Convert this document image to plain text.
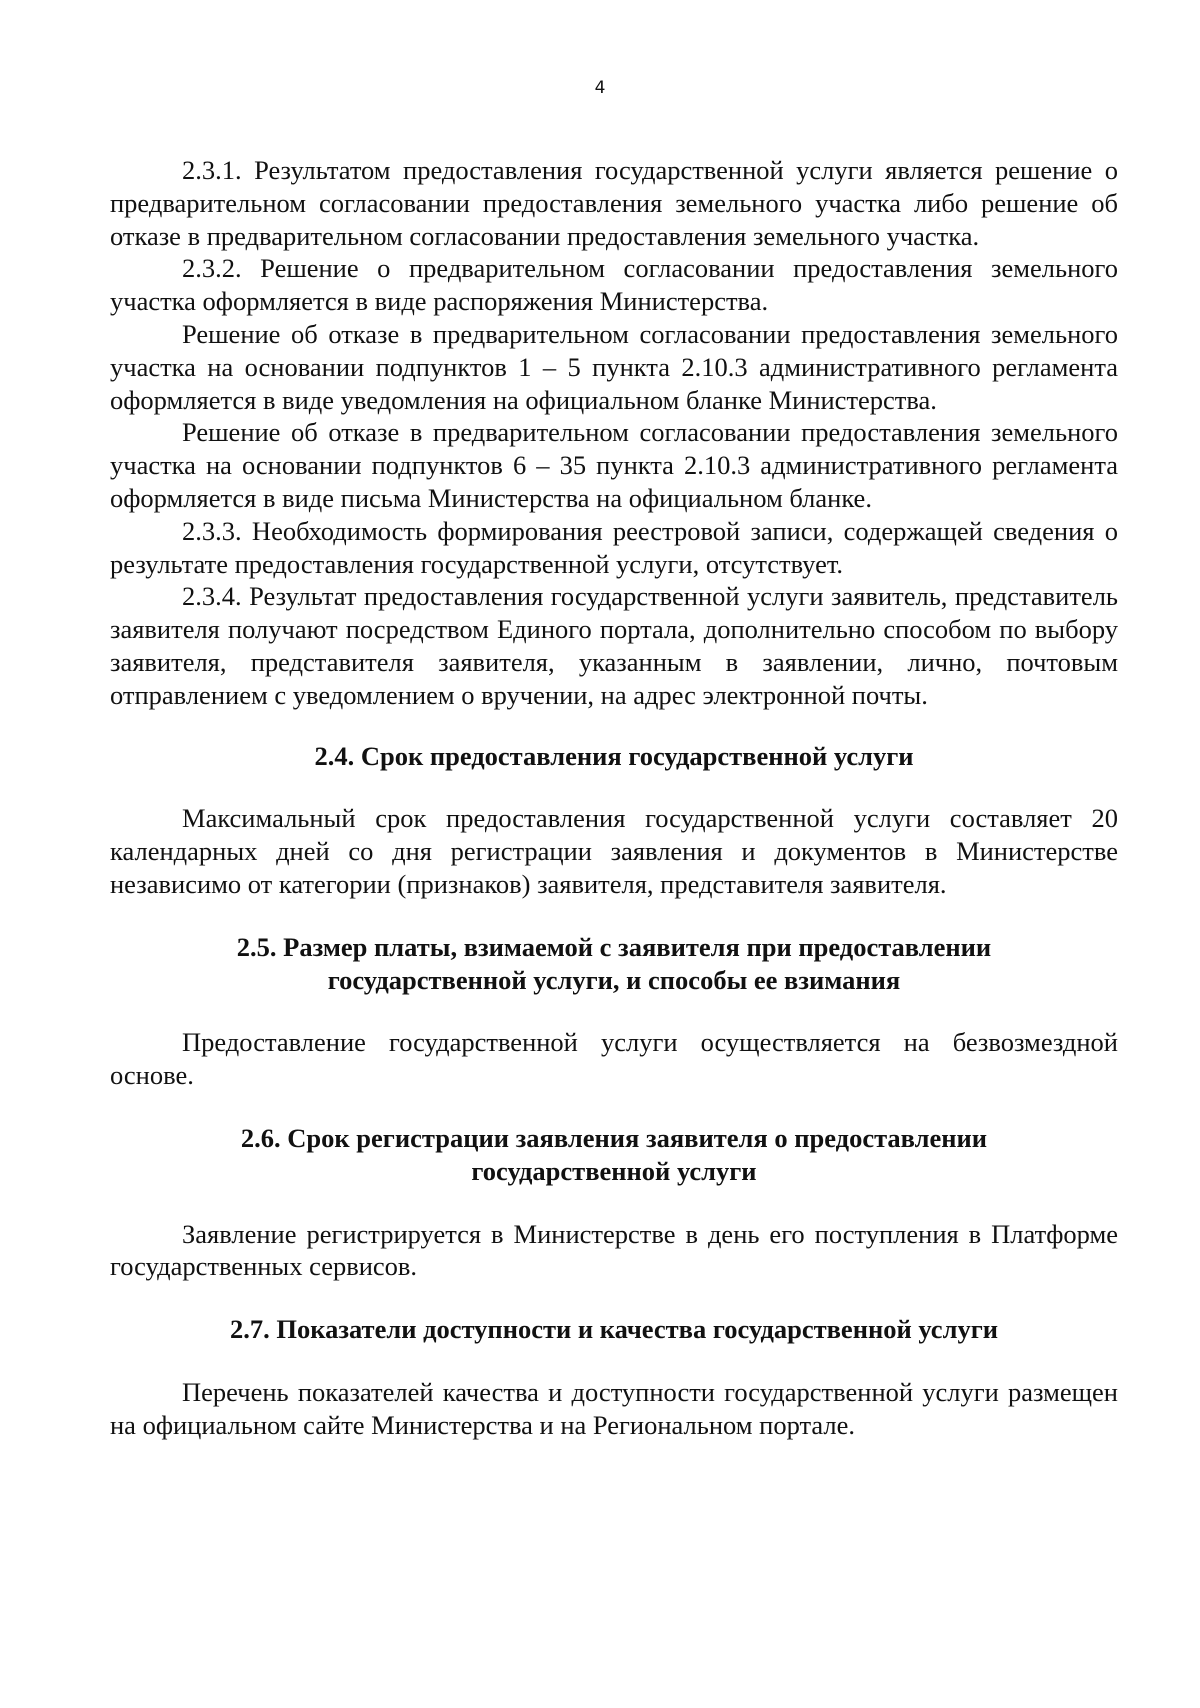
4

2.3.1. Результатом предоставления государственной услуги является решение о предварительном согласовании предоставления земельного участка либо решение об отказе в предварительном согласовании предоставления земельного участка.

2.3.2. Решение о предварительном согласовании предоставления земельного участка оформляется в виде распоряжения Министерства.

Решение об отказе в предварительном согласовании предоставления земельного участка на основании подпунктов 1 – 5 пункта 2.10.3 административного регламента оформляется в виде уведомления на официальном бланке Министерства.

Решение об отказе в предварительном согласовании предоставления земельного участка на основании подпунктов 6 – 35 пункта 2.10.3 административного регламента оформляется в виде письма Министерства на официальном бланке.

2.3.3. Необходимость формирования реестровой записи, содержащей сведения о результате предоставления государственной услуги, отсутствует.

2.3.4. Результат предоставления государственной услуги заявитель, представитель заявителя получают посредством Единого портала, дополнительно способом по выбору заявителя, представителя заявителя, указанным в заявлении, лично, почтовым отправлением с уведомлением о вручении, на адрес электронной почты.

2.4. Срок предоставления государственной услуги

Максимальный срок предоставления государственной услуги составляет 20 календарных дней со дня регистрации заявления и документов в Министерстве независимо от категории (признаков) заявителя, представителя заявителя.

2.5. Размер платы, взимаемой с заявителя при предоставлении
государственной услуги, и способы ее взимания

Предоставление государственной услуги осуществляется на безвозмездной основе.

2.6. Срок регистрации заявления заявителя о предоставлении
государственной услуги

Заявление регистрируется в Министерстве в день его поступления в Платформе государственных сервисов.

2.7. Показатели доступности и качества государственной услуги

Перечень показателей качества и доступности государственной услуги размещен на официальном сайте Министерства и на Региональном портале.
